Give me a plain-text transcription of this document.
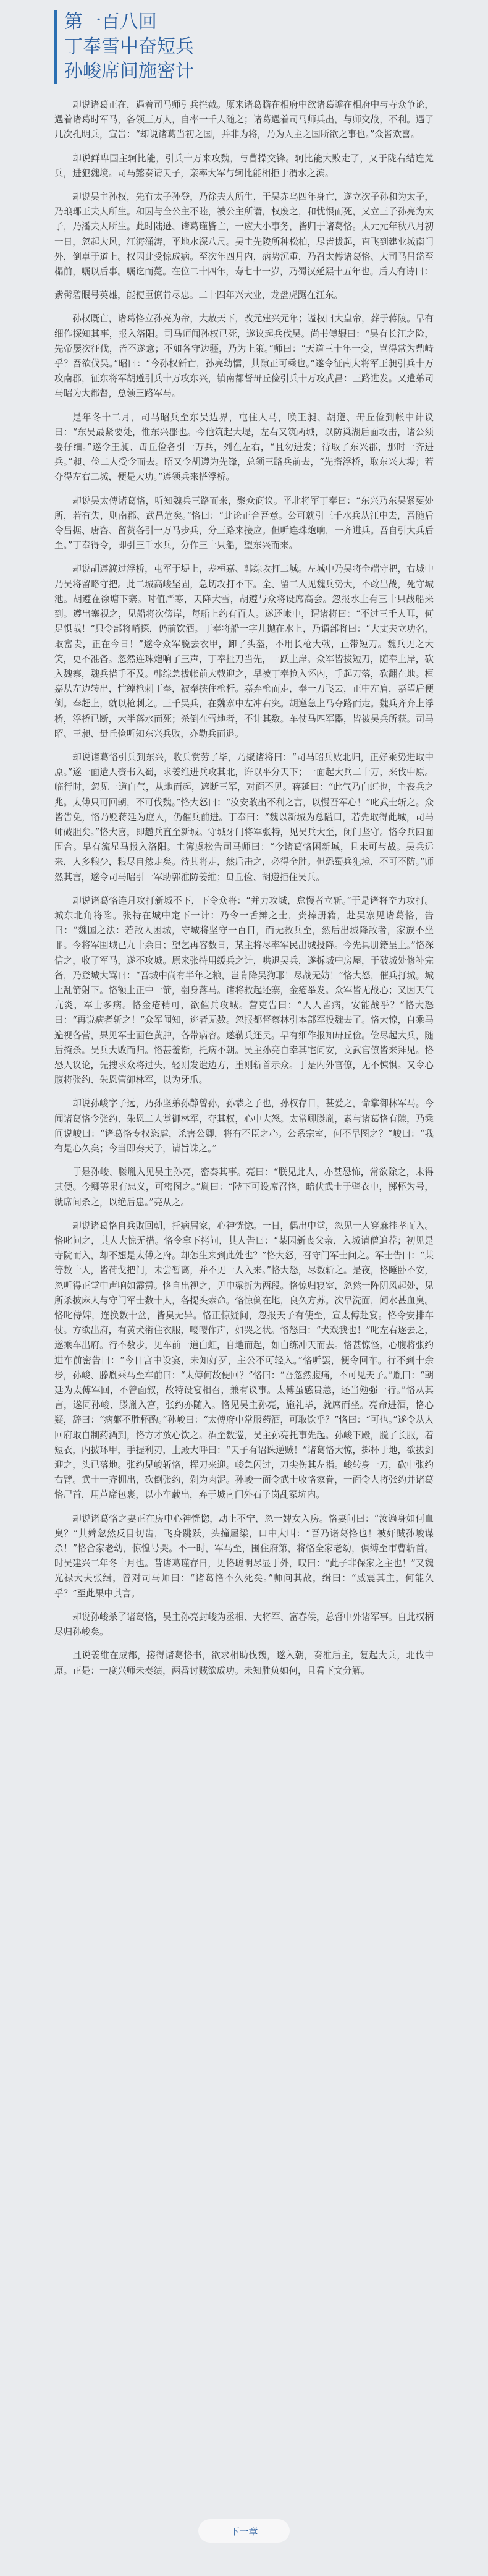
第一百八回
丁奉雪中奋短兵
孙峻席间施密计

却说诸葛正在，遇着司马师引兵拦截。原来诸葛瞻在相府中欲诸葛瞻在相府中与寺众争论，遇着诸葛时军马，各领三万人，自率一千人随之；诸葛遇着司马师兵出，与师交战，不利。遇了几次孔明兵，宣告：“却说诸葛当初之国，并非为将，乃为人主之国所欲之事也。”众皆欢喜。

却说鲜卑国主轲比能，引兵十万来攻魏，与曹操交锋。轲比能大败走了，又于陇右结连羌兵，进犯魏境。司马懿奏请天子，亲率大军与轲比能相拒于渭水之滨。

却说吴主孙权，先有太子孙登，乃徐夫人所生，于吴赤乌四年身亡，遂立次子孙和为太子，乃琅琊王夫人所生。和因与全公主不睦，被公主所谮，权废之，和忧恨而死，又立三子孙亮为太子，乃潘夫人所生。此时陆逊、诸葛瑾皆亡，一应大小事务，皆归于诸葛恪。太元元年秋八月初一日，忽起大风，江海涌涛，平地水深八尺。吴主先陵所种松柏，尽皆拔起，直飞到建业城南门外，倒卓于道上。权因此受惊成病。至次年四月内，病势沉重，乃召太傅诸葛恪、大司马吕岱至榻前，嘱以后事。嘱讫而薨。在位二十四年，寿七十一岁，乃蜀汉延熙十五年也。后人有诗曰：

紫髯碧眼号英雄，能使臣僚肯尽忠。二十四年兴大业，龙盘虎踞在江东。

孙权既亡，诸葛恪立孙亮为帝，大赦天下，改元建兴元年；谥权曰大皇帝，葬于蒋陵。早有细作探知其事，报入洛阳。司马师闻孙权已死，遂议起兵伐吴。尚书傅嘏曰：“吴有长江之险，先帝屡次征伐，皆不遂意；不如各守边疆，乃为上策。”师曰：“天道三十年一变，岂得常为鼎峙乎？吾欲伐吴。”昭曰：“今孙权新亡，孙亮幼懦，其隙正可乘也。”遂令征南大将军王昶引兵十万攻南郡，征东将军胡遵引兵十万攻东兴，镇南都督毌丘俭引兵十万攻武昌：三路进发。又遣弟司马昭为大都督，总领三路军马。

是年冬十二月，司马昭兵至东吴边界，屯住人马，唤王昶、胡遵、毌丘俭到帐中计议曰：“东吴最紧要处，惟东兴郡也。今他筑起大堤，左右又筑两城，以防巢湖后面攻击，诸公须要仔细。”遂令王昶、毌丘俭各引一万兵，列在左右，“且勿进发；待取了东兴郡，那时一齐进兵。”昶、俭二人受令而去。昭又令胡遵为先锋，总领三路兵前去，“先搭浮桥，取东兴大堤；若夺得左右二城，便是大功。”遵领兵来搭浮桥。

却说吴太傅诸葛恪，听知魏兵三路而来，聚众商议。平北将军丁奉曰：“东兴乃东吴紧要处所，若有失，则南郡、武昌危矣。”恪曰：“此论正合吾意。公可就引三千水兵从江中去，吾随后令吕据、唐咨、留赞各引一万马步兵，分三路来接应。但听连珠炮响，一齐进兵。吾自引大兵后至。”丁奉得令，即引三千水兵，分作三十只船，望东兴而来。

却说胡遵渡过浮桥，屯军于堤上，差桓嘉、韩综攻打二城。左城中乃吴将全端守把，右城中乃吴将留略守把。此二城高峻坚固，急切攻打不下。全、留二人见魏兵势大，不敢出战，死守城池。胡遵在徐塘下寨。时值严寒，天降大雪，胡遵与众将设席高会。忽报水上有三十只战船来到。遵出寨视之，见船将次傍岸，每船上约有百人。遂还帐中，谓诸将曰：“不过三千人耳，何足惧哉！”只令部将哨探，仍前饮酒。丁奉将船一字儿抛在水上，乃谓部将曰：“大丈夫立功名，取富贵，正在今日！”遂令众军脱去衣甲，卸了头盔，不用长枪大戟，止带短刀。魏兵见之大笑，更不准备。忽然连珠炮响了三声，丁奉扯刀当先，一跃上岸。众军皆拔短刀，随奉上岸，砍入魏寨，魏兵措手不及。韩综急拔帐前大戟迎之，早被丁奉抢入怀内，手起刀落，砍翻在地。桓嘉从左边转出，忙绰枪刺丁奉，被奉挟住枪杆。嘉弃枪而走，奉一刀飞去，正中左肩，嘉望后便倒。奉赶上，就以枪刺之。三千吴兵，在魏寨中左冲右突。胡遵急上马夺路而走。魏兵齐奔上浮桥，浮桥已断，大半落水而死；杀倒在雪地者，不计其数。车仗马匹军器，皆被吴兵所获。司马昭、王昶、毌丘俭听知东兴兵败，亦勒兵而退。

却说诸葛恪引兵到东兴，收兵赏劳了毕，乃聚诸将曰：“司马昭兵败北归，正好乘势进取中原。”遂一面遣人赍书入蜀，求姜维进兵攻其北，许以平分天下；一面起大兵二十万，来伐中原。临行时，忽见一道白气，从地而起，遮断三军，对面不见。蒋延曰：“此气乃白虹也，主丧兵之兆。太傅只可回朝，不可伐魏。”恪大怒曰：“汝安敢出不利之言，以慢吾军心！”叱武士斩之。众皆告免，恪乃贬蒋延为庶人，仍催兵前进。丁奉曰：“魏以新城为总隘口，若先取得此城，司马师破胆矣。”恪大喜，即趱兵直至新城。守城牙门将军张特，见吴兵大至，闭门坚守。恪令兵四面围合。早有流星马报入洛阳。主簿虞松告司马师曰：“今诸葛恪困新城，且未可与战。吴兵远来，人多粮少，粮尽自然走矣。待其将走，然后击之，必得全胜。但恐蜀兵犯境，不可不防。”师然其言，遂令司马昭引一军助郭淮防姜维；毌丘俭、胡遵拒住吴兵。

却说诸葛恪连月攻打新城不下，下令众将：“并力攻城，怠慢者立斩。”于是诸将奋力攻打。城东北角将陷。张特在城中定下一计：乃令一舌辩之士，赍捧册籍，赴吴寨见诸葛恪，告曰：“魏国之法：若敌人困城，守城将坚守一百日，而无救兵至，然后出城降敌者，家族不坐罪。今将军围城已九十余日；望乞再容数日，某主将尽率军民出城投降。今先具册籍呈上。”恪深信之，收了军马，遂不攻城。原来张特用缓兵之计，哄退吴兵，遂拆城中房屋，于破城处修补完备，乃登城大骂曰：“吾城中尚有半年之粮，岂肯降吴狗耶！尽战无妨！”恪大怒，催兵打城。城上乱箭射下。恪额上正中一箭，翻身落马。诸将救起还寨，金疮举发。众军皆无战心；又因天气亢炎，军士多病。恪金疮稍可，欲催兵攻城。营吏告曰：“人人皆病，安能战乎？”恪大怒曰：“再说病者斩之！”众军闻知，逃者无数。忽报都督蔡林引本部军投魏去了。恪大惊，自乘马遍视各营，果见军士面色黄肿，各带病容。遂勒兵还吴。早有细作报知毌丘俭。俭尽起大兵，随后掩杀。吴兵大败而归。恪甚羞惭，托病不朝。吴主孙亮自幸其宅问安，文武官僚皆来拜见。恪恐人议论，先搜求众将过失，轻则发遣边方，重则斩首示众。于是内外官僚，无不悚惧。又令心腹将张约、朱恩管御林军，以为牙爪。

却说孙峻字子远，乃孙坚弟孙静曾孙，孙恭之子也，孙权存日，甚爱之，命掌御林军马。今闻诸葛恪令张约、朱恩二人掌御林军，夺其权，心中大怒。太常卿滕胤，素与诸葛恪有隙，乃乘间说峻曰：“诸葛恪专权恣虐，杀害公卿，将有不臣之心。公系宗室，何不早图之？”峻曰：“我有是心久矣；今当即奏天子，请旨诛之。”

于是孙峻、滕胤入见吴主孙亮，密奏其事。亮曰：“朕见此人，亦甚恐怖，常欲除之，未得其便。今卿等果有忠义，可密图之。”胤曰：“陛下可设席召恪，暗伏武士于壁衣中，掷杯为号，就席间杀之，以绝后患。”亮从之。

却说诸葛恪自兵败回朝，托病居家，心神恍惚。一日，偶出中堂，忽见一人穿麻挂孝而入。恪叱问之，其人大惊无措。恪令拿下拷问，其人告曰：“某因新丧父亲，入城请僧追荐；初见是寺院而入，却不想是太傅之府。却怎生来到此处也？”恪大怒，召守门军士问之。军士告曰：“某等数十人，皆荷戈把门，未尝暂离，并不见一人入来。”恪大怒，尽数斩之。是夜，恪睡卧不安，忽听得正堂中声响如霹雳。恪自出视之，见中梁折为两段。恪惊归寝室，忽然一阵阴风起处，见所杀披麻人与守门军士数十人，各提头索命。恪惊倒在地，良久方苏。次早洗面，闻水甚血臭。恪叱侍婢，连换数十盆，皆臭无异。恪正惊疑间，忽报天子有使至，宣太傅赴宴。恪令安排车仗。方欲出府，有黄犬衔住衣服，嘤嘤作声，如哭之状。恪怒曰：“犬戏我也！”叱左右逐去之，遂乘车出府。行不数步，见车前一道白虹，自地而起，如白练冲天而去。恪甚惊怪，心腹将张约进车前密告曰：“今日宫中设宴，未知好歹，主公不可轻入。”恪听罢，便令回车。行不到十余步，孙峻、滕胤乘马至车前曰：“太傅何故便回？”恪曰：“吾忽然腹痛，不可见天子。”胤曰：“朝廷为太傅军回，不曾面叙，故特设宴相召，兼有议事。太傅虽感贵恙，还当勉强一行。”恪从其言，遂同孙峻、滕胤入宫，张约亦随入。恪见吴主孙亮，施礼毕，就席而坐。亮命进酒，恪心疑，辞曰：“病躯不胜杯酌。”孙峻曰：“太傅府中常服药酒，可取饮乎？”恪曰：“可也。”遂令从人回府取自制药酒到，恪方才放心饮之。酒至数巡，吴主孙亮托事先起。孙峻下殿，脱了长服，着短衣，内披环甲，手提利刃，上殿大呼曰：“天子有诏诛逆贼！”诸葛恪大惊，掷杯于地，欲拔剑迎之，头已落地。张约见峻斩恪，挥刀来迎。峻急闪过，刀尖伤其左指。峻转身一刀，砍中张约右臂。武士一齐拥出，砍倒张约，剁为肉泥。孙峻一面令武士收恪家眷，一面令人将张约并诸葛恪尸首，用芦席包裹，以小车载出，弃于城南门外石子岗乱冢坑内。

却说诸葛恪之妻正在房中心神恍惚，动止不宁，忽一婢女入房。恪妻问曰：“汝遍身如何血臭？”其婢忽然反目切齿，飞身跳跃，头撞屋梁，口中大叫：“吾乃诸葛恪也！被奸贼孙峻谋杀！”恪合家老幼，惊惶号哭。不一时，军马至，围住府第，将恪全家老幼，俱缚至市曹斩首。时吴建兴二年冬十月也。昔诸葛瑾存日，见恪聪明尽显于外，叹曰：“此子非保家之主也！”又魏光禄大夫张缉，曾对司马师曰：“诸葛恪不久死矣。”师问其故，缉曰：“威震其主，何能久乎？”至此果中其言。

却说孙峻杀了诸葛恪，吴主孙亮封峻为丞相、大将军、富春侯，总督中外诸军事。自此权柄尽归孙峻矣。

且说姜维在成都，接得诸葛恪书，欲求相助伐魏，遂入朝，奏准后主，复起大兵，北伐中原。正是：一度兴师未奏绩，两番讨贼欲成功。未知胜负如何，且看下文分解。

下一章
